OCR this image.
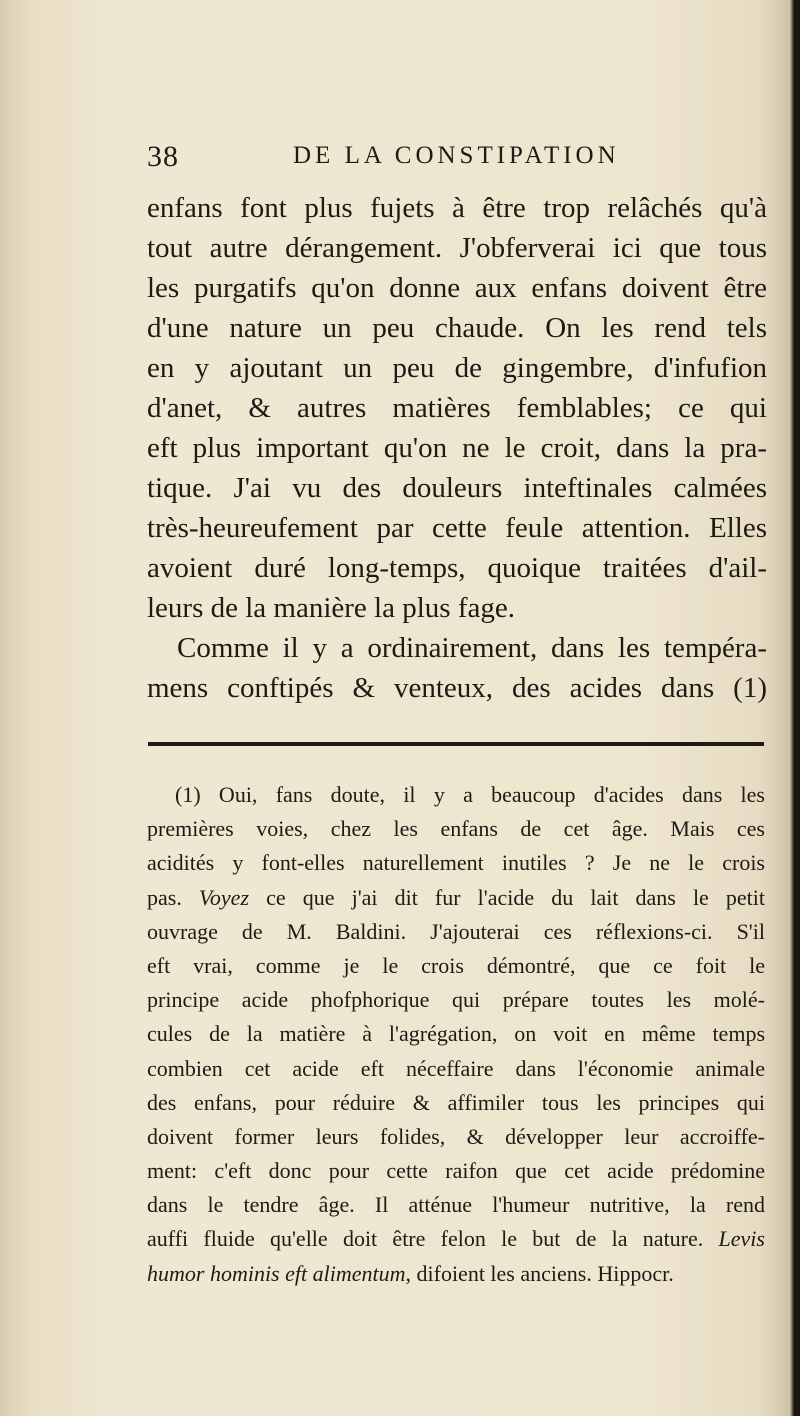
38	DE LA CONSTIPATION
enfans font plus fujets à être trop relâchés qu'à
tout autre dérangement. J'obferverai ici que tous
les purgatifs qu'on donne aux enfans doivent être
d'une nature un peu chaude. On les rend tels
en y ajoutant un peu de gingembre, d'infufion
d'anet, & autres matières femblables; ce qui
eft plus important qu'on ne le croit, dans la pra-
tique. J'ai vu des douleurs inteftinales calmées
très-heureufement par cette feule attention. Elles
avoient duré long-temps, quoique traitées d'ail-
leurs de la manière la plus fage.
Comme il y a ordinairement, dans les tempéra-
mens conftipés & venteux, des acides dans (1)
(1) Oui, fans doute, il y a beaucoup d'acides dans les
premières voies, chez les enfans de cet âge. Mais ces
acidités y font-elles naturellement inutiles ? Je ne le crois
pas. Voyez ce que j'ai dit fur l'acide du lait dans le petit
ouvrage de M. Baldini. J'ajouterai ces réflexions-ci. S'il
eft vrai, comme je le crois démontré, que ce foit le
principe acide phofphorique qui prépare toutes les molé-
cules de la matière à l'agrégation, on voit en même temps
combien cet acide eft néceffaire dans l'économie animale
des enfans, pour réduire & affimiler tous les principes qui
doivent former leurs folides, & développer leur accroiffe-
ment: c'eft donc pour cette raifon que cet acide prédomine
dans le tendre âge. Il atténue l'humeur nutritive, la rend
auffi fluide qu'elle doit être felon le but de la nature. Levis
humor hominis eft alimentum, difoient les anciens. Hippocr.
